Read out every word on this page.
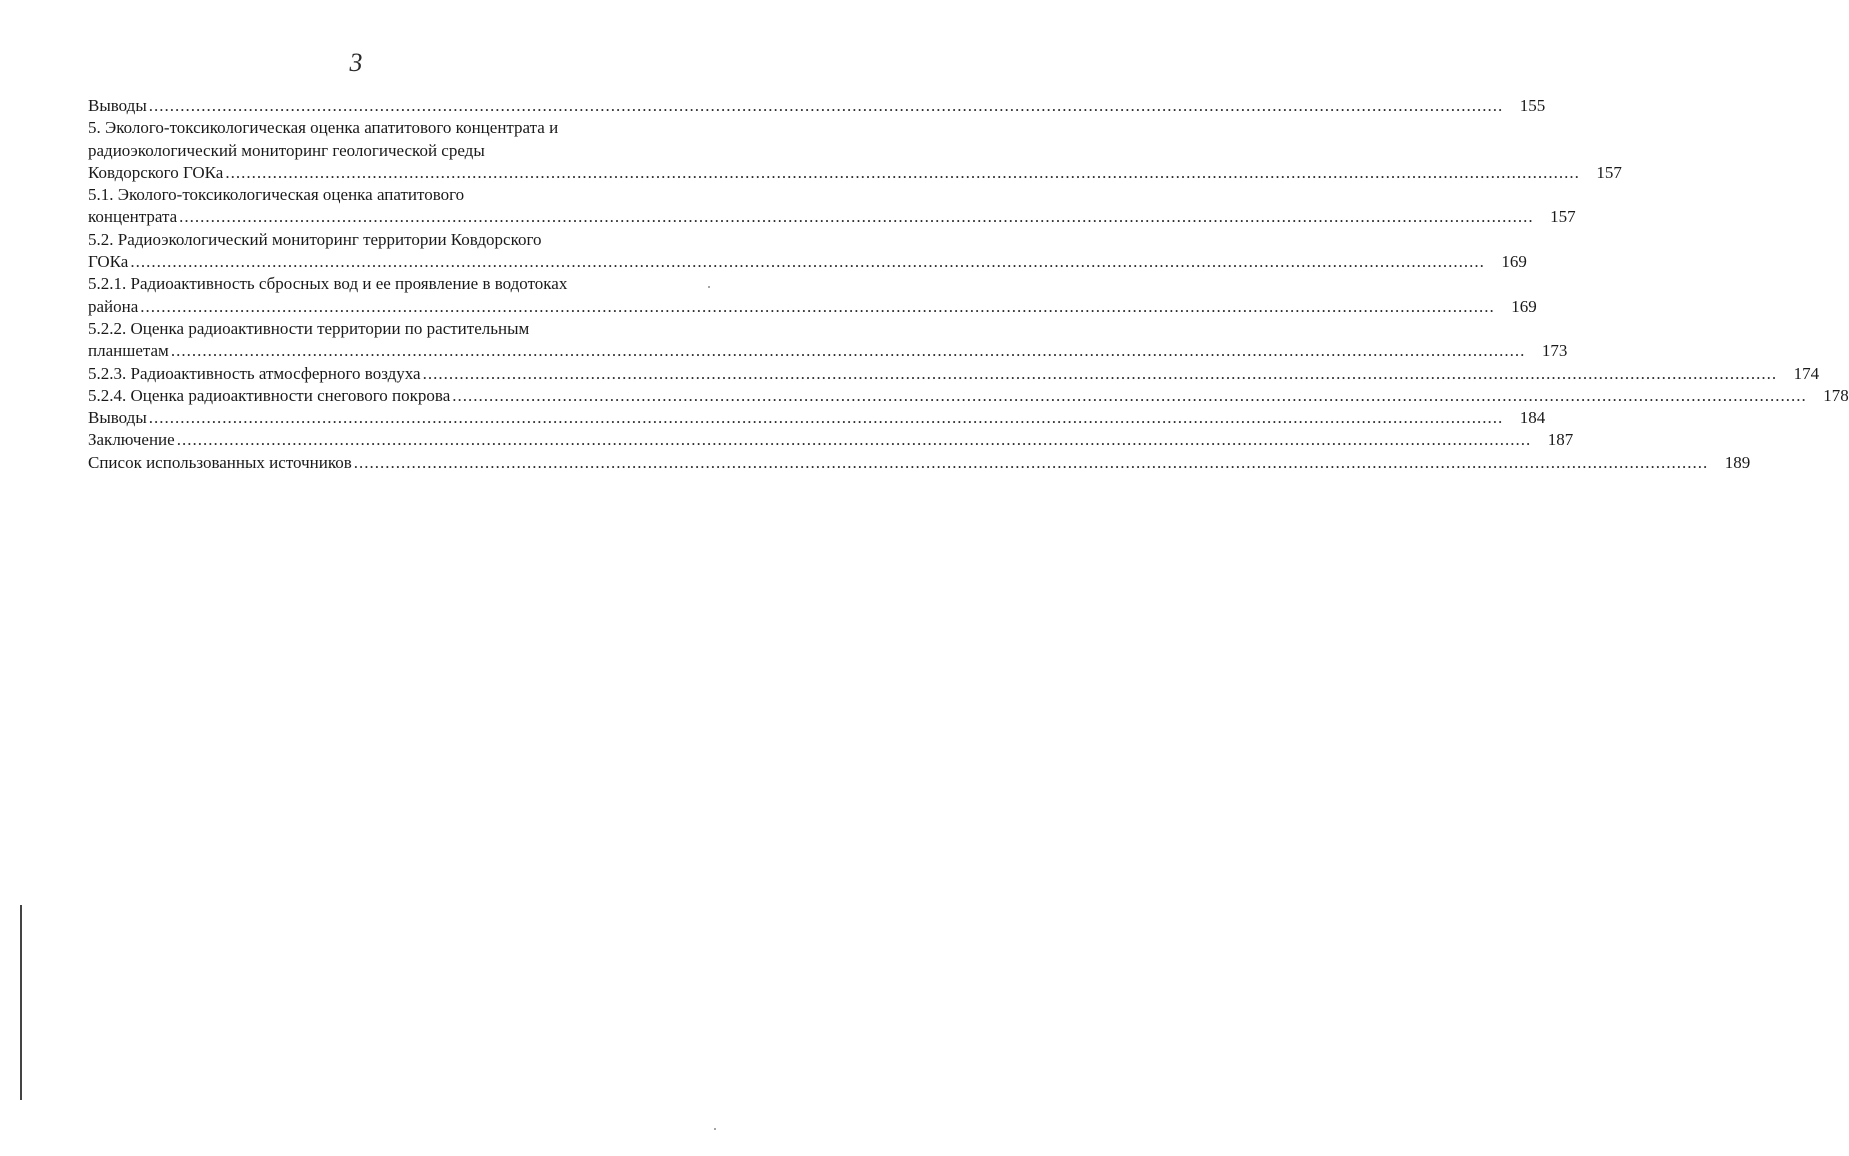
3
Выводы .....	155
5. Эколого-токсикологическая оценка апатитового концентрата и
радиоэкологический мониторинг геологической среды
Ковдорского ГОКа .....	157
5.1. Эколого-токсикологическая оценка апатитового
концентрата .....	157
5.2. Радиоэкологический мониторинг территории Ковдорского
ГОКа .....	169
5.2.1. Радиоактивность сбросных вод и ее проявление в водотоках
района .....	169
5.2.2. Оценка радиоактивности территории по растительным
планшетам .....	173
5.2.3. Радиоактивность атмосферного воздуха .....	174
5.2.4. Оценка радиоактивности снегового покрова .....	178
Выводы .....	184
Заключение .....	187
Список использованных источников .....	189
